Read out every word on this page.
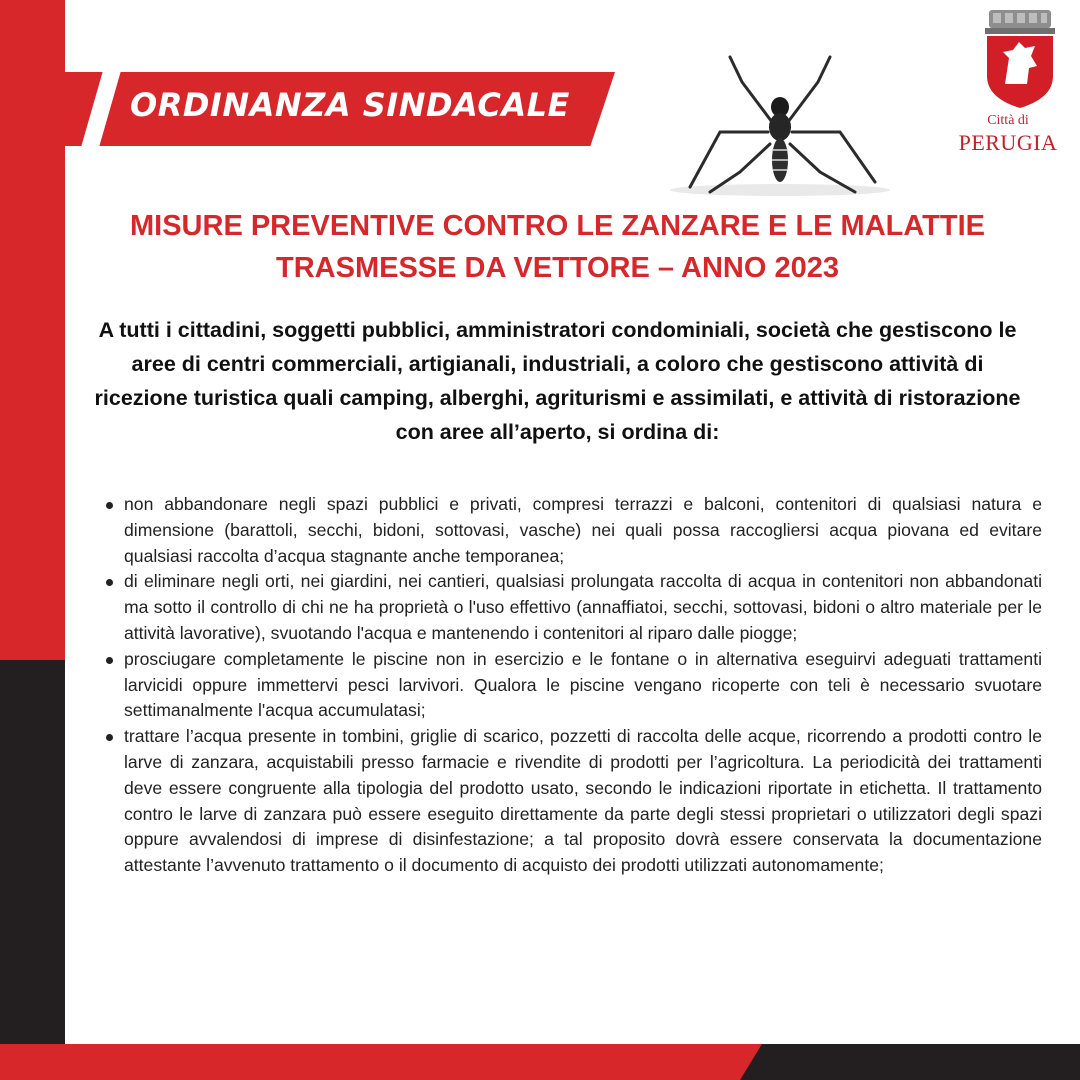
ORDINANZA SINDACALE	Città di
PERUGIA
MISURE PREVENTIVE CONTRO LE ZANZARE E LE MALATTIE TRASMESSE DA VETTORE – ANNO 2023
A tutti i cittadini, soggetti pubblici, amministratori condominiali, società che gestiscono le aree di centri commerciali, artigianali, industriali, a coloro che gestiscono attività di ricezione turistica quali camping, alberghi, agriturismi e assimilati, e attività di ristorazione con aree all’aperto, si ordina di:
non abbandonare negli spazi pubblici e privati, compresi terrazzi e balconi, contenitori di qualsiasi natura e dimensione (barattoli, secchi, bidoni, sottovasi, vasche) nei quali possa raccogliersi acqua piovana ed evitare qualsiasi raccolta d’acqua stagnante anche temporanea;
di eliminare negli orti, nei giardini, nei cantieri, qualsiasi prolungata raccolta di acqua in contenitori non abbandonati ma sotto il controllo di chi ne ha proprietà o l'uso effettivo (annaffiatoi, secchi, sottovasi, bidoni o altro materiale per le attività lavorative), svuotando l'acqua e mantenendo i contenitori al riparo dalle piogge;
prosciugare completamente le piscine non in esercizio e le fontane o in alternativa eseguirvi adeguati trattamenti larvicidi oppure immettervi pesci larvivori. Qualora le piscine vengano ricoperte con teli è necessario svuotare settimanalmente l'acqua accumulatasi;
trattare l’acqua presente in tombini, griglie di scarico, pozzetti di raccolta delle acque, ricorrendo a prodotti contro le larve di zanzara, acquistabili presso farmacie e rivendite di prodotti per l’agricoltura. La periodicità dei trattamenti deve essere congruente alla tipologia del prodotto usato, secondo le indicazioni riportate in etichetta. Il trattamento contro le larve di zanzara può essere eseguito direttamente da parte degli stessi proprietari o utilizzatori degli spazi oppure avvalendosi di imprese di disinfestazione; a tal proposito dovrà essere conservata la documentazione attestante l’avvenuto trattamento o il documento di acquisto dei prodotti utilizzati autonomamente;
